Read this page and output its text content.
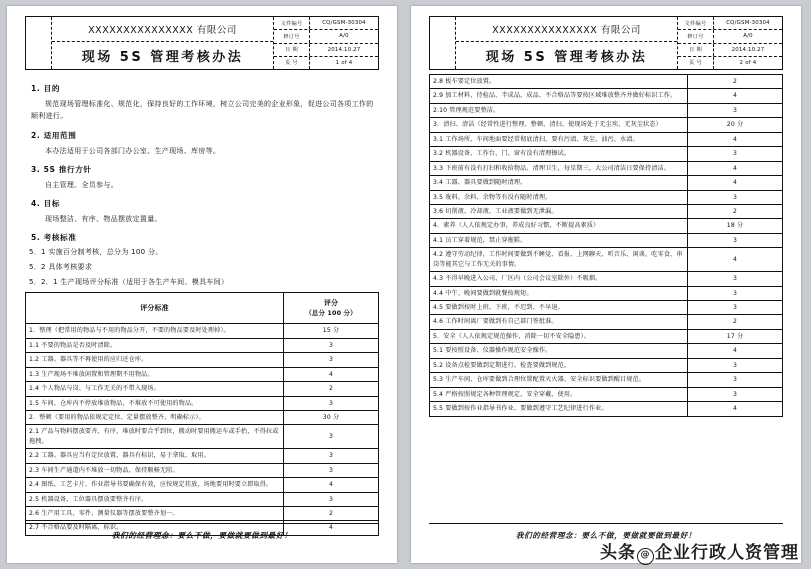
XXXXXXXXXXXXXXX 有限公司
现场 5S 管理考核办法
文件编号	CQ/GSM-30304
修订号	A/0
日 期	2014.10.27
页 号	1 of 4
1. 目的

规范现场管理标准化、规范化，保持良好的工作环境，树立公司完美的企业形象，促进公司各项工作的顺利进行。

2. 适用范围

本办法适用于公司各部门办公室、生产现场、库房等。

3. 5S 推行方针

自主管理、全员参与。

4. 目标

现场整洁、有序、物品摆放定置量。

5. 考核标准

5．1 实施百分制考核，总分为 100 分。

5．2 具体考核要求

5．2．1 生产现场评分标准（适用于各生产车间、模具车间）

评分标准	评分
（总分 100 分）

1．整理（把常用的物品与不用的物品分开，不要的物品要及时处理掉）。	15 分
1.1 不要的物品是否及时清除。	3
1.2 工器、器具等不再使用的应归还仓库。	3
1.3 生产现场不堆放闲置和管理期不用物品。	4
1.4 个人物品与岗、与工作无关的不带入现场。	2
1.5 车间、仓库内不停放堆放物品，不堆放不可使用的物品。	3
2．整顿（要用的物品依规定定位、定量摆放整齐，明确标示）。	30 分
2.1 产品与物料摆放要齐、有序，堆放时要合乎到位，搬动时要用搬运车或手抬，不得拉或拖拽。	3
2.2 工器、器具应当有定位放置，器具有标识，易于拿取、取用。	3
2.3 车间生产通道内不堆放一切物品，保持顺畅无阻。	3
2.4 图纸、工艺卡片、作业指导书要确保有效，应按规定挂放，场地要用时要立即取得。	4
2.5 机器设备、工位器具摆放要整齐有序。	3
2.6 生产用工具、零件、测量仪器等摆放要整齐划一。	2
2.7 不合格品要及时隔离、标识。	4
我们的经营理念：要么不做，要做就要做到最好！
XXXXXXXXXXXXXXX 有限公司
现场 5S 管理考核办法
文件编号	CQ/GSM-30304
修订号	A/0
日 期	2014.10.27
页 号	2 of 4
2.8 板车要定位放置。	2
2.9 加工材料、待检品、半成品、成品、不合格品等要按区域堆放整齐并做好标识工作。	4
2.10 管理规范要整洁。	3
3．清扫、清洁（经常性进行整理、整顿、清扫、使现场处于无尘埃、无灰尘状态）	20 分
3.1 工作场所、车间地面要经常彻底清扫，要有污渍、灰尘、油污、水渍。	4
3.2 机器设备、工作台、门、窗有没有清理擦试。	3
3.3 下班前有没有打扫和收拾物品、清理卫生，每星期三，大公司清洁日要保持清洁。	4
3.4 工器、器具要做到随时清理。	4
3.5 废料、余料、余物等有没有随时清理。	3
3.6 切削液、冷却液、工业液要做到无泄漏。	2
4．素养（人人依规定办事，养成良好习惯，不断提高素质）	18 分
4.1 员工穿着规范，禁止穿拖鞋。	3
4.2 遵守劳动纪律，工作时间要做到不睡觉、看报、上网聊天、听音乐、闲谈、吃零食、串岗等能其它与工作无关的事情。	4
4.3 不得早晚进入公司、厂区内（公司会议室除外）不吸烟。	3
4.4 中午、晚间要做到就餐按规矩。	3
4.5 要做到按时上班、下班，不迟到、不早退。	3
4.6 工作时间离厂要做到有自己部门签批准。	2
5．安全（人人依规定规范操作，消除一切不安全隐患）。	17 分
5.1 要按照设备、仪器操作规范安全操作。	4
5.2 设备点检要做到定期进行、检查要做到规范。	3
5.3 生产车间、仓库要做到合理位置配置灭火器、安全标识要做到醒目规范。	3
5.4 严格按照规定各种管理规定，安全穿戴、使用。	3
5.5 要做到按作业指导书作业、要做到遵守工艺纪律进行作业。	4
我们的经营理念：要么不做，要做就要做到最好！
头条 @ 企业行政人资管理
